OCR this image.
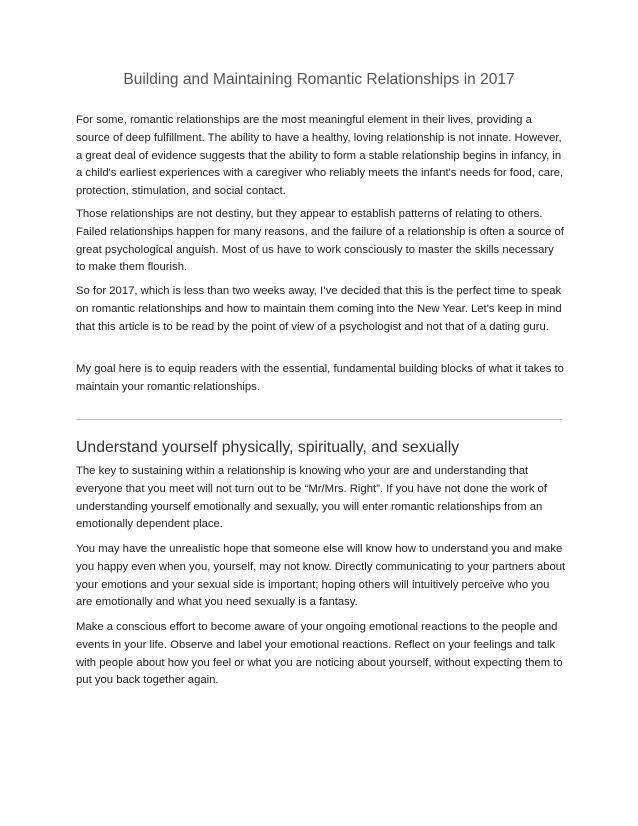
Building and Maintaining Romantic Relationships in 2017

For some, romantic relationships are the most meaningful element in their lives, providing a source of deep fulfillment. The ability to have a healthy, loving relationship is not innate. However, a great deal of evidence suggests that the ability to form a stable relationship begins in infancy, in a child's earliest experiences with a caregiver who reliably meets the infant's needs for food, care, protection, stimulation, and social contact.

Those relationships are not destiny, but they appear to establish patterns of relating to others. Failed relationships happen for many reasons, and the failure of a relationship is often a source of great psychological anguish. Most of us have to work consciously to master the skills necessary to make them flourish.

So for 2017, which is less than two weeks away, I’ve decided that this is the perfect time to speak on romantic relationships and how to maintain them coming into the New Year. Let's keep in mind that this article is to be read by the point of view of a psychologist and not that of a dating guru.

My goal here is to equip readers with the essential, fundamental building blocks of what it takes to maintain your romantic relationships.

Understand yourself physically, spiritually, and sexually

The key to sustaining within a relationship is knowing who your are and understanding that everyone that you meet will not turn out to be “Mr/Mrs. Right”. If you have not done the work of understanding yourself emotionally and sexually, you will enter romantic relationships from an emotionally dependent place.

You may have the unrealistic hope that someone else will know how to understand you and make you happy even when you, yourself, may not know. Directly communicating to your partners about your emotions and your sexual side is important; hoping others will intuitively perceive who you are emotionally and what you need sexually is a fantasy.

Make a conscious effort to become aware of your ongoing emotional reactions to the people and events in your life. Observe and label your emotional reactions. Reflect on your feelings and talk with people about how you feel or what you are noticing about yourself, without expecting them to put you back together again.
